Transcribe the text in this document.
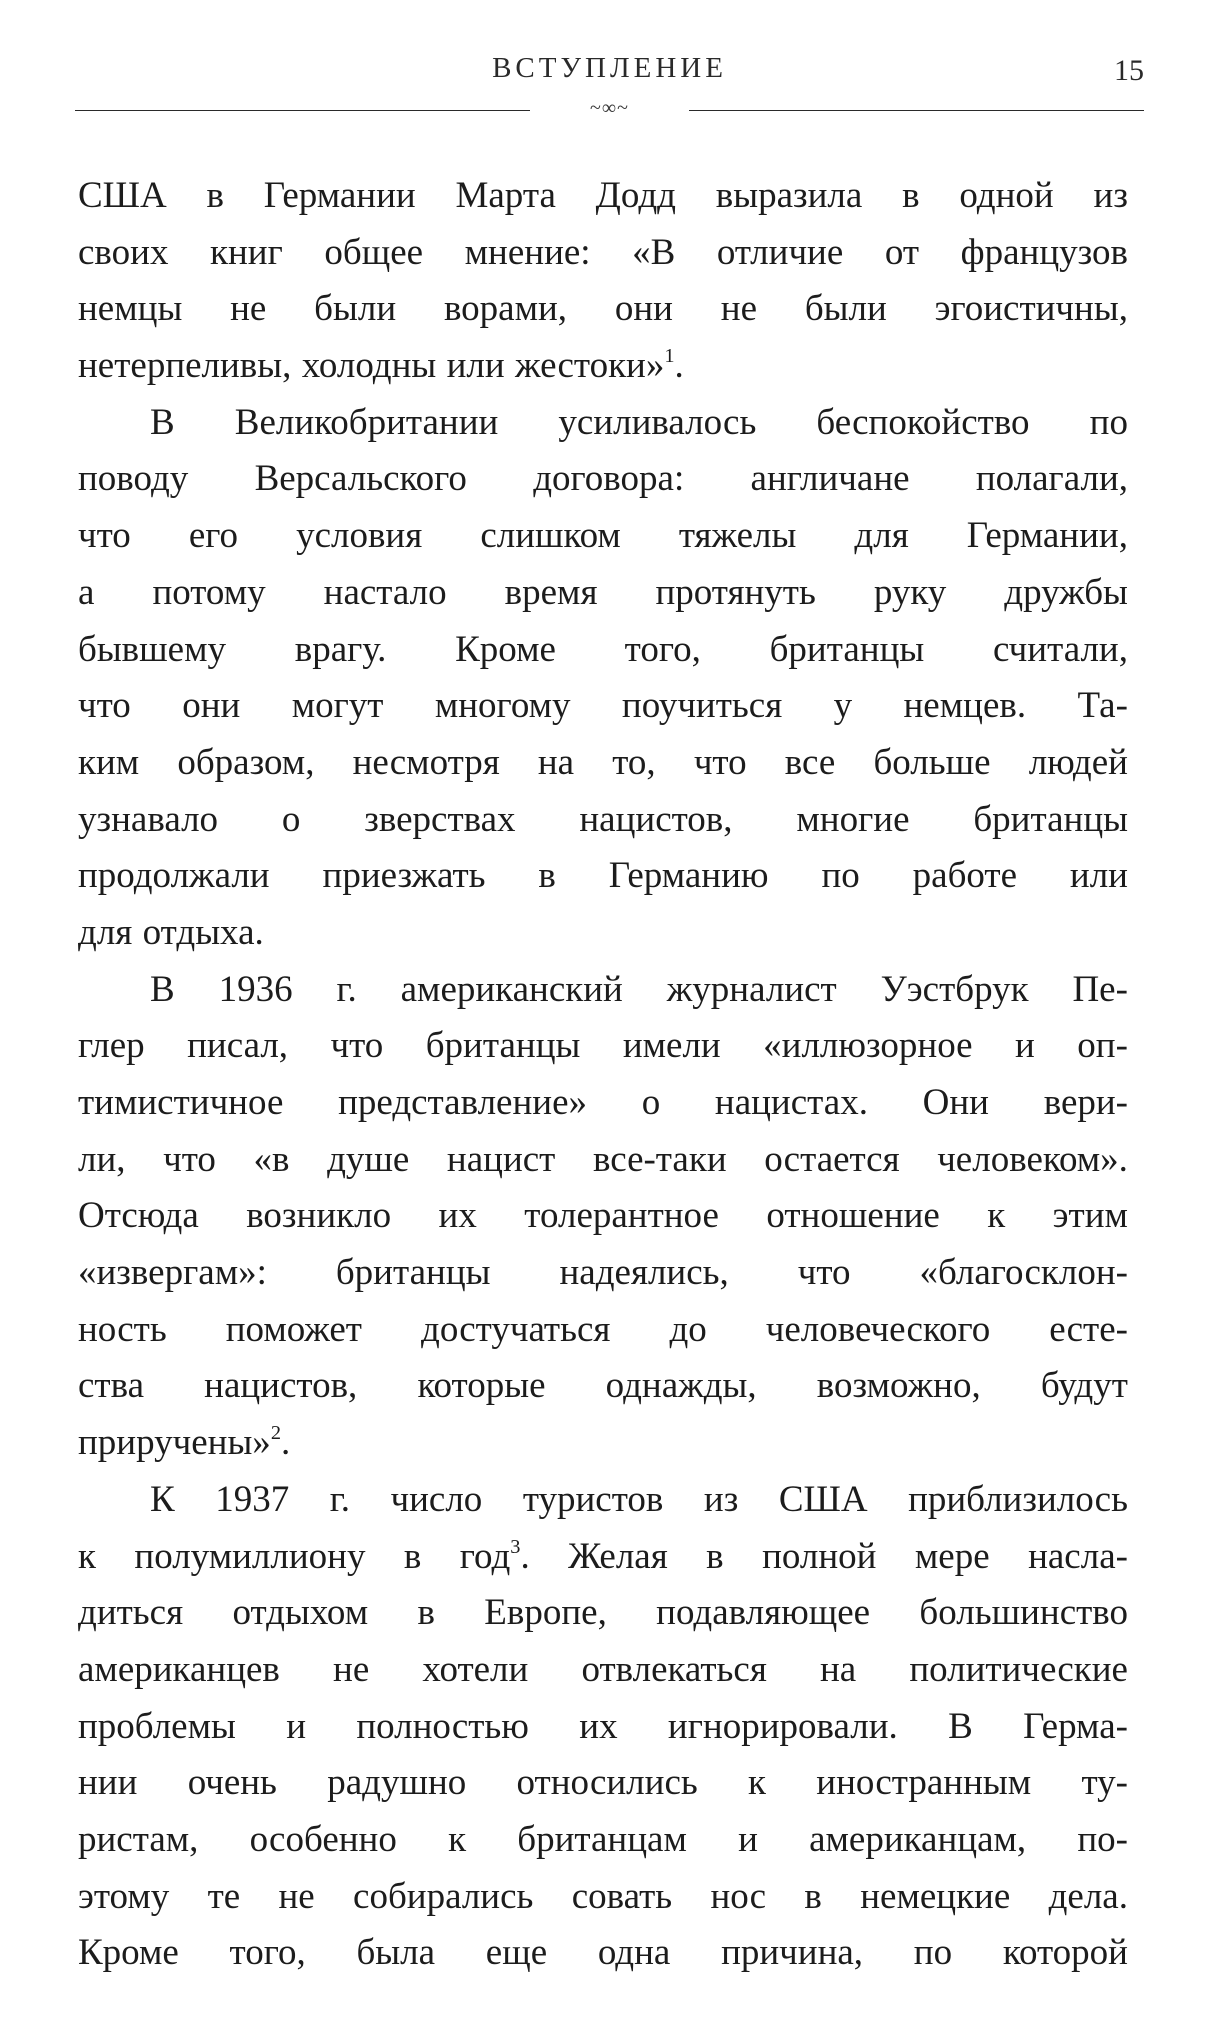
ВСТУПЛЕНИЕ	15
~∞~
США в Германии Марта Додд выразила в одной из
своих книг общее мнение: «В отличие от французов
немцы не были ворами, они не были эгоистичны,
нетерпеливы, холодны или жестоки»$^1$.
В Великобритании усиливалось беспокойство по
поводу Версальского договора: англичане полагали,
что его условия слишком тяжелы для Германии,
а потому настало время протянуть руку дружбы
бывшему врагу. Кроме того, британцы считали,
что они могут многому поучиться у немцев. Та-
ким образом, несмотря на то, что все больше людей
узнавало о зверствах нацистов, многие британцы
продолжали приезжать в Германию по работе или
для отдыха.
В 1936 г. американский журналист Уэстбрук Пе-
глер писал, что британцы имели «иллюзорное и оп-
тимистичное представление» о нацистах. Они вери-
ли, что «в душе нацист все-таки остается человеком».
Отсюда возникло их толерантное отношение к этим
«извергам»: британцы надеялись, что «благосклон-
ность поможет достучаться до человеческого есте-
ства нацистов, которые однажды, возможно, будут
приручены»$^2$.
К 1937 г. число туристов из США приблизилось
к полумиллиону в год$^3$. Желая в полной мере насла-
диться отдыхом в Европе, подавляющее большинство
американцев не хотели отвлекаться на политические
проблемы и полностью их игнорировали. В Герма-
нии очень радушно относились к иностранным ту-
ристам, особенно к британцам и американцам, по-
этому те не собирались совать нос в немецкие дела.
Кроме того, была еще одна причина, по которой
